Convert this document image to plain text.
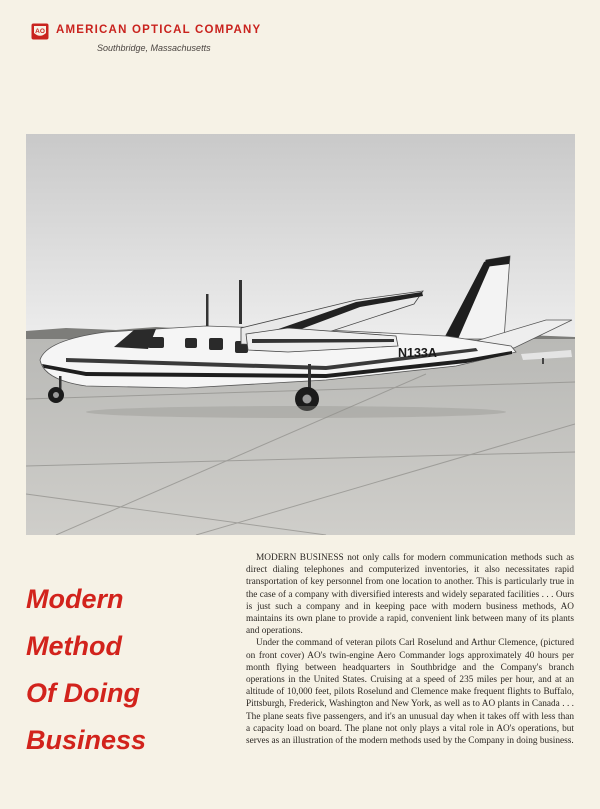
AO AMERICAN OPTICAL COMPANY
Southbridge, Massachusetts
N133A
Modern
Method
Of Doing
Business

MODERN BUSINESS not only calls for modern communication methods such as direct dialing telephones and computerized inventories, it also necessitates rapid transportation of key personnel from one location to another. This is particularly true in the case of a company with diversified interests and widely separated facilities . . . Ours is just such a company and in keeping pace with modern business methods, AO maintains its own plane to provide a rapid, convenient link between many of its plants and operations.

Under the command of veteran pilots Carl Roselund and Arthur Clemence, (pictured on front cover) AO's twin-engine Aero Commander logs approximately 40 hours per month flying between headquarters in Southbridge and the Company's branch operations in the United States. Cruising at a speed of 235 miles per hour, and at an altitude of 10,000 feet, pilots Roselund and Clemence make frequent flights to Buffalo, Pittsburgh, Frederick, Washington and New York, as well as to AO plants in Canada . . . The plane seats five passengers, and it's an unusual day when it takes off with less than a capacity load on board. The plane not only plays a vital role in AO's operations, but serves as an illustration of the modern methods used by the Company in doing business.
